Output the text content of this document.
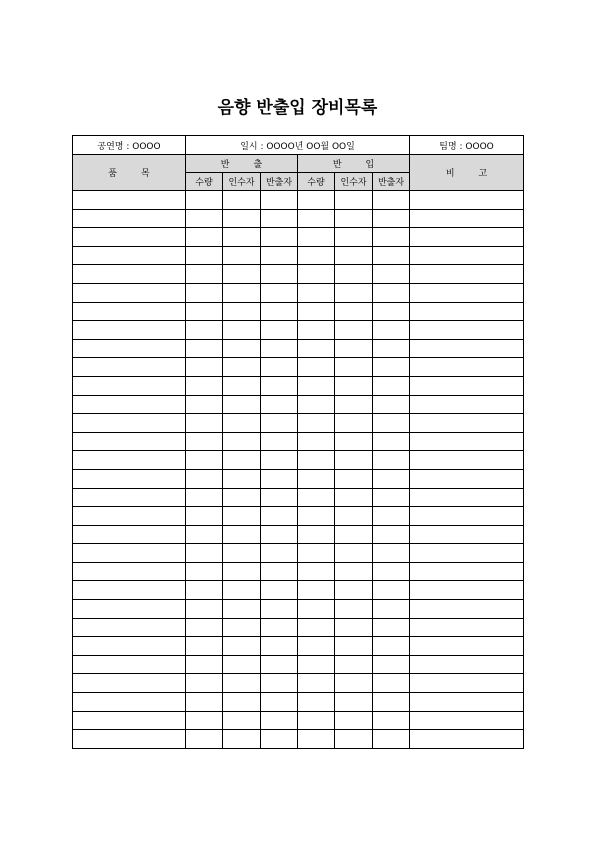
음향 반출입 장비목록
공연명 : OOOO	일시 : OOOO년 OO월 OO일						팀명 : OOOO
품 목	반 출			반 입			비 고
	수량	인수자	반출자	수량	인수자	반출자	
